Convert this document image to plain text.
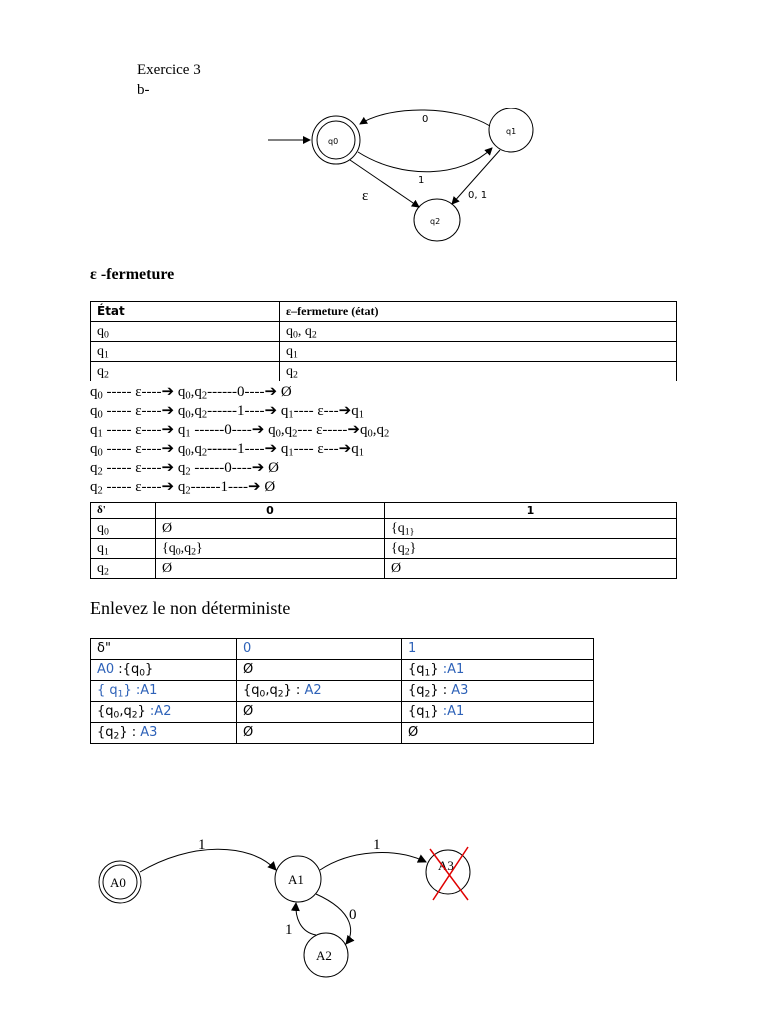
Exercice 3
b-
q0
q1
q2
0
1
ε	0, 1
ε -fermeture
État	ε–fermeture (état)
$q_0$	$q_0$, $q_2$
$q_1$	$q_1$
$q_2$	$q_2$
$q_0$ ----- ε----➔ $q_0,q_2------0----➔$ Ø
$q_0$ ----- ε----➔ $q_0,q_2------1----➔$ $q_1----$ $\varepsilon---➔q_1$
$q_1$ ----- ε----➔ $q_1$ ------0----➔ $q_0,q_2---$ $\varepsilon-----➔q_0,q_2$
$q_0$ ----- ε----➔ $q_0,q_2------1----➔$ $q_1----$ $\varepsilon---➔q_1$
$q_2$ ----- ε----➔ $q_2$ ------0----➔ Ø
$q_2$ ----- ε----➔ $q_2------1----➔$ Ø
δ'	0	1
$q_0$	Ø	{$q_{1\}}$
$q_1$	$\{q_0,q_2\}$	$\{q_2\}$
$q_2$	Ø	Ø
Enlevez le non déterministe
δ"	0	1
A0 $:\{q_0\}$	Ø	$\{q_1\}$ :A1
{ $q_1$} :A1	$\{q_0,q_2\}$ : A2	$\{q_2\}$ : A3
$\{q_0,q_2\}$ :A2	Ø	$\{q_1\}$ :A1
$\{q_2\}$ : A3	Ø	Ø
A0	A1
A3
A2
1	1
0
1
